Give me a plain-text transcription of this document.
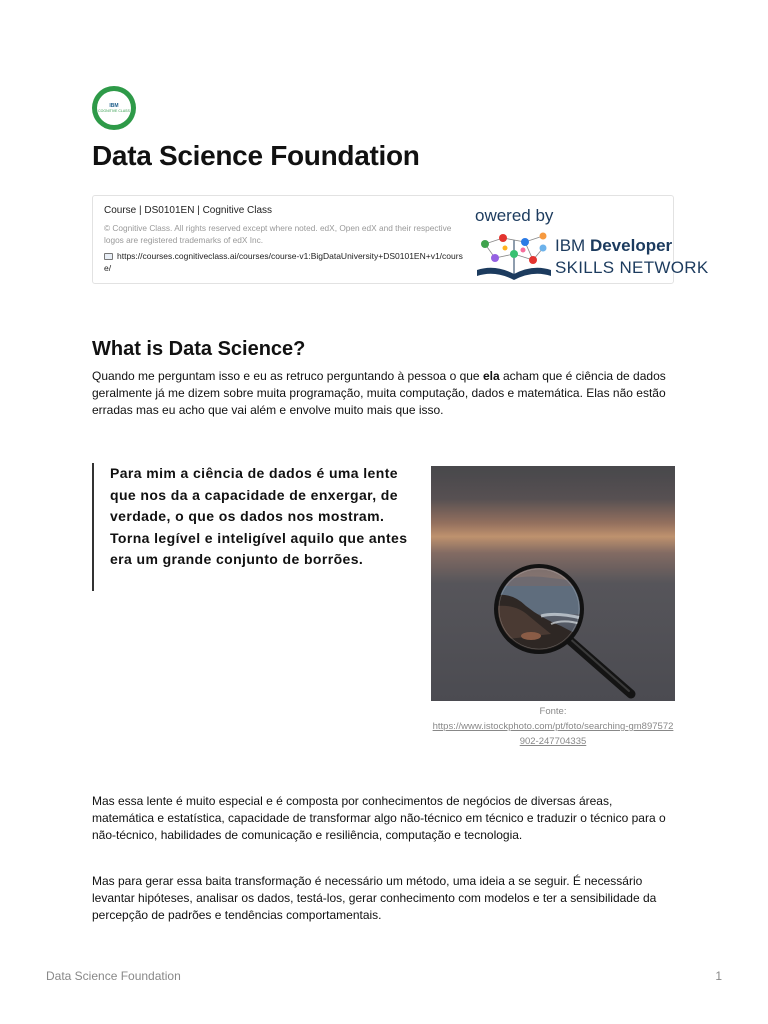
IBM
COGNITIVE CLASS
Data Science Foundation
Course | DS0101EN | Cognitive Class
© Cognitive Class. All rights reserved except where noted. edX, Open edX and their respective logos are registered trademarks of edX Inc.
https://courses.cognitiveclass.ai/courses/course-v1:BigDataUniversity+DS0101EN+v1/course/
owered by
IBM Developer
SKILLS NETWORK
What is Data Science?

Quando me perguntam isso e eu as retruco perguntando à pessoa o que ela acham que é ciência de dados geralmente já me dizem sobre muita programação, muita computação, dados e matemática. Elas não estão erradas mas eu acho que vai além e envolve muito mais que isso.

Para mim a ciência de dados é uma lente que nos da a capacidade de enxergar, de verdade, o que os dados nos mostram. Torna legível e inteligível aquilo que antes era um grande conjunto de borrões.

Fonte:
https://www.istockphoto.com/pt/foto/searching-gm897572902-247704335

Mas essa lente é muito especial e é composta por conhecimentos de negócios de diversas áreas, matemática e estatística, capacidade de transformar algo não-técnico em técnico e traduzir o técnico para o não-técnico, habilidades de comunicação e resiliência, computação e tecnologia.

Mas para gerar essa baita transformação é necessário um método, uma ideia a se seguir. É necessário levantar hipóteses, analisar os dados, testá-los, gerar conhecimento com modelos e ter a sensibilidade da percepção de padrões e tendências comportamentais.

Data Science Foundation	1
